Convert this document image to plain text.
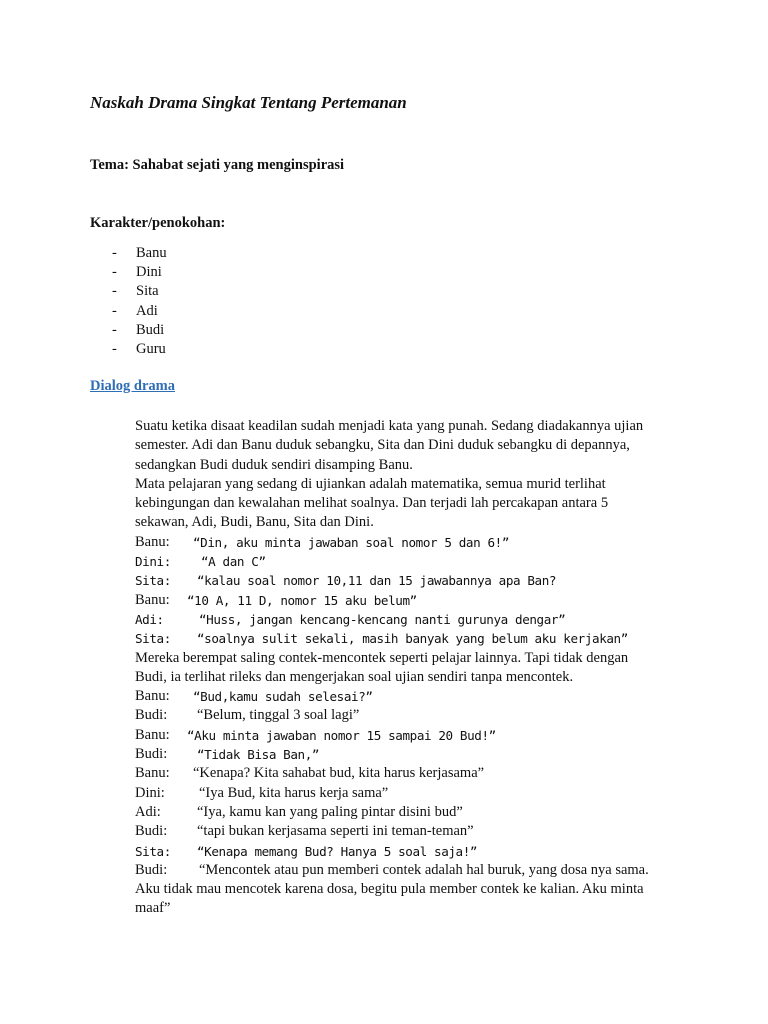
Naskah Drama Singkat Tentang Pertemanan

Tema: Sahabat sejati yang menginspirasi

Karakter/penokohan:

-	Banu
-	Dini
-	Sita
-	Adi
-	Budi
-	Guru
Dialog drama

Suatu ketika disaat keadilan sudah menjadi kata yang punah. Sedang diadakannya ujian

semester. Adi dan Banu duduk sebangku, Sita dan Dini duduk sebangku di depannya,

sedangkan Budi duduk sendiri disamping Banu.

Mata pelajaran yang sedang di ujiankan adalah matematika, semua murid terlihat

kebingungan dan kewalahan melihat soalnya. Dan terjadi lah percakapan antara 5

sekawan, Adi, Budi, Banu, Sita dan Dini.

Banu:	“Din, aku minta jawaban soal nomor 5 dan 6!”
Dini:	“A dan C”
Sita:	“kalau soal nomor 10,11 dan 15 jawabannya apa Ban?
Banu:	“10 A, 11 D, nomor 15 aku belum”
Adi:	“Huss, jangan kencang-kencang nanti gurunya dengar”
Sita:	“soalnya sulit sekali, masih banyak yang belum aku kerjakan”

Mereka berempat saling contek-mencontek seperti pelajar lainnya. Tapi tidak dengan

Budi, ia terlihat rileks dan mengerjakan soal ujian sendiri tanpa mencontek.

Banu:	“Bud,kamu sudah selesai?”
Budi:	“Belum, tinggal 3 soal lagi”
Banu:	“Aku minta jawaban nomor 15 sampai 20 Bud!”
Budi:	“Tidak Bisa Ban,”
Banu:	“Kenapa? Kita sahabat bud, kita harus kerjasama”
Dini:	“Iya Bud, kita harus kerja sama”
Adi:	“Iya, kamu kan yang paling pintar disini bud”
Budi:	“tapi bukan kerjasama seperti ini teman-teman”
Sita:	“Kenapa memang Bud? Hanya 5 soal saja!”
Budi:	“Mencontek atau pun memberi contek adalah hal buruk, yang dosa nya sama.

Aku tidak mau mencotek karena dosa, begitu pula member contek ke kalian. Aku minta

maaf”
